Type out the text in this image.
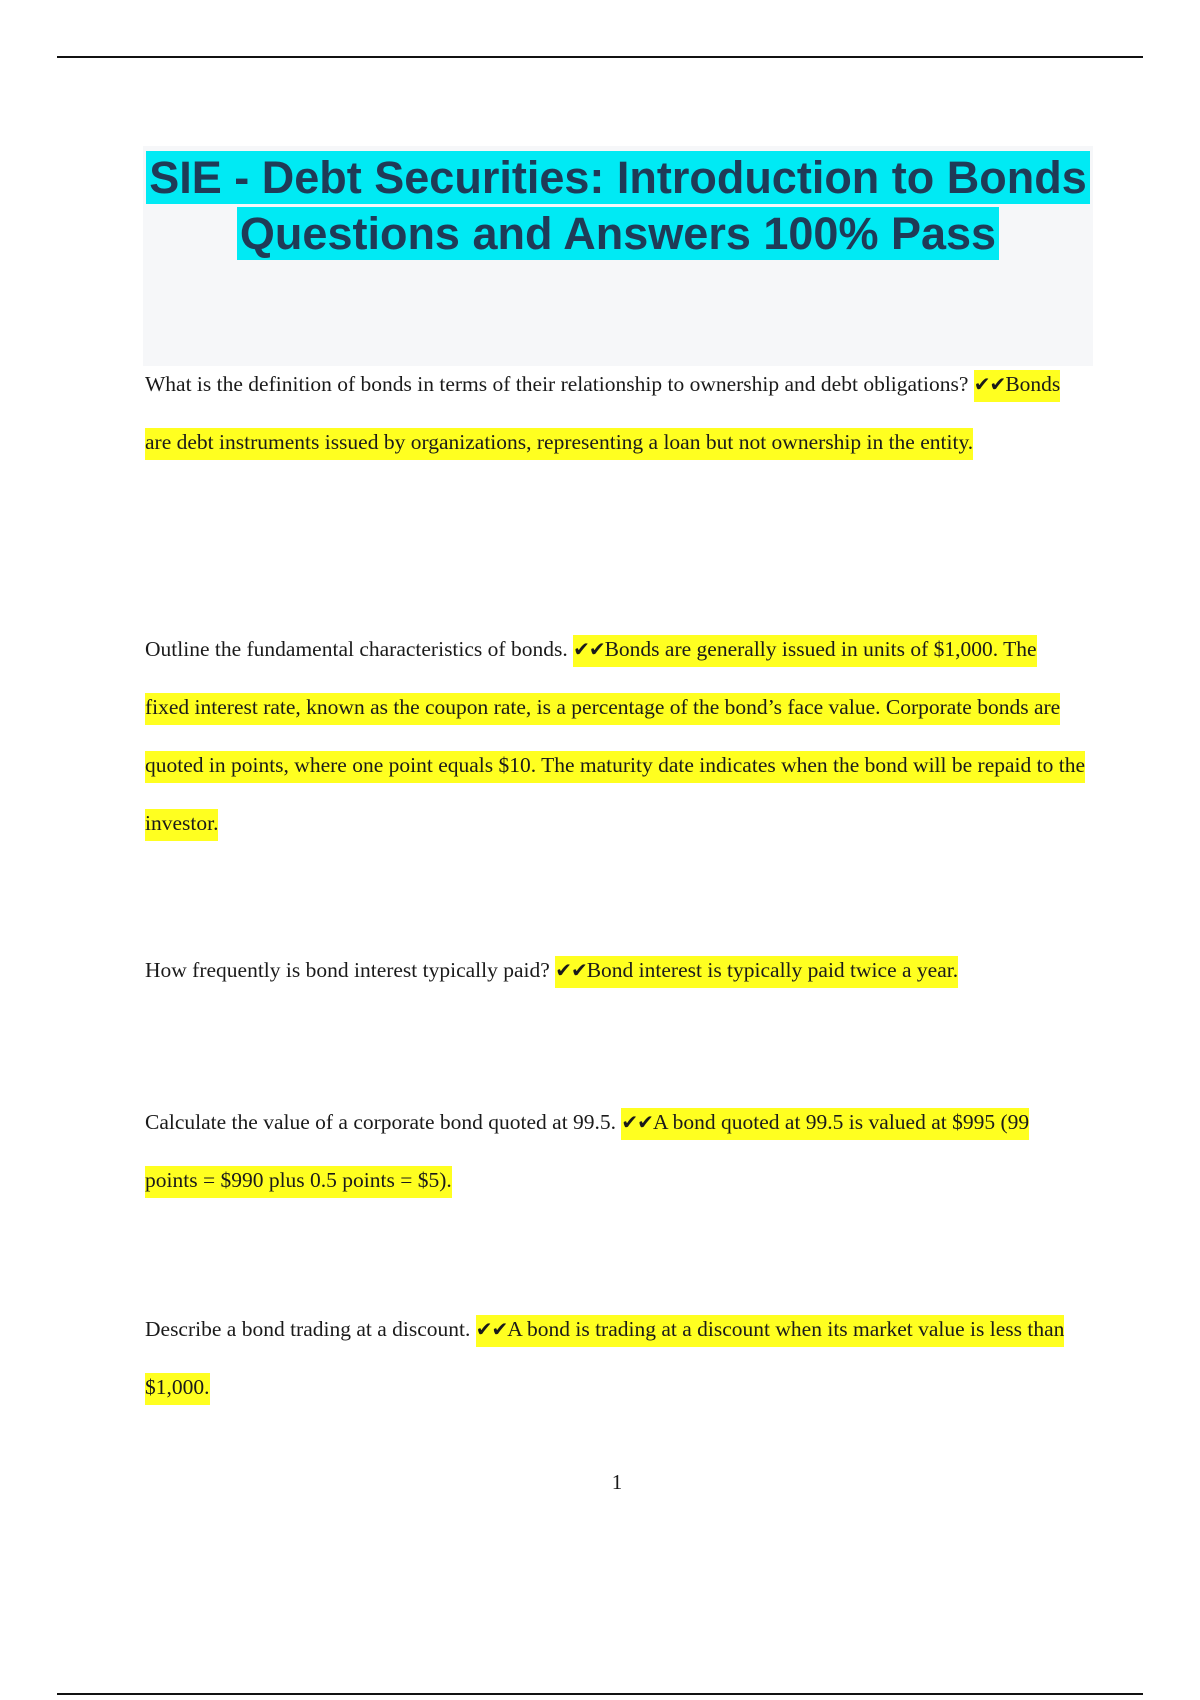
SIE - Debt Securities: Introduction to Bonds Questions and Answers 100% Pass

What is the definition of bonds in terms of their relationship to ownership and debt obligations? ✔✔Bonds are debt instruments issued by organizations, representing a loan but not ownership in the entity.

Outline the fundamental characteristics of bonds. ✔✔Bonds are generally issued in units of $1,000. The fixed interest rate, known as the coupon rate, is a percentage of the bond’s face value. Corporate bonds are quoted in points, where one point equals $10. The maturity date indicates when the bond will be repaid to the investor.

How frequently is bond interest typically paid? ✔✔Bond interest is typically paid twice a year.

Calculate the value of a corporate bond quoted at 99.5. ✔✔A bond quoted at 99.5 is valued at $995 (99 points = $990 plus 0.5 points = $5).

Describe a bond trading at a discount. ✔✔A bond is trading at a discount when its market value is less than $1,000.

1
